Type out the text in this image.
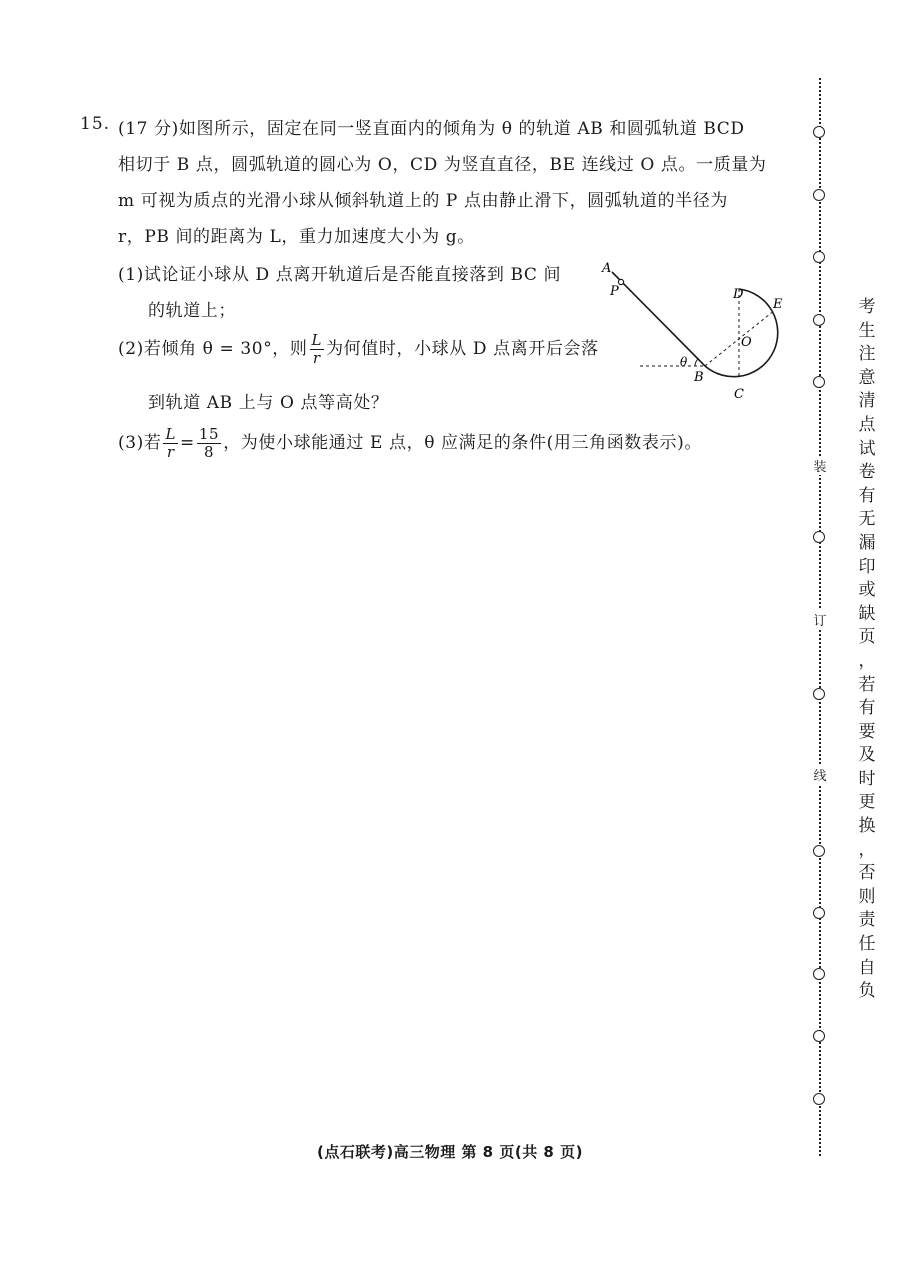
15. (17 分)如图所示，固定在同一竖直面内的倾角为 θ 的轨道 AB 和圆弧轨道 BCD
相切于 B 点，圆弧轨道的圆心为 O，CD 为竖直直径，BE 连线过 O 点。一质量为
m 可视为质点的光滑小球从倾斜轨道上的 P 点由静止滑下，圆弧轨道的半径为
r，PB 间的距离为 L，重力加速度大小为 g。
(1)试论证小球从 D 点离开轨道后是否能直接落到 BC 间
的轨道上；
(2)若倾角 θ = 30°，则 $\frac{L}{r}$ 为何值时，小球从 D 点离开后会落
到轨道 AB 上与 O 点等高处？
(3)若 $\frac{L}{r} = \frac{15}{8}$ ，为使小球能通过 E 点，θ 应满足的条件(用三角函数表示)。
A
P	D
E
O
θ
B
C
(点石联考)高三物理 第 8 页(共 8 页)
装
订
线
考
生
注
意
清
点
试
卷
有
无
漏
印
或
缺
页
，
若
有
要
及
时
更
换
，
否
则
责
任
自
负
